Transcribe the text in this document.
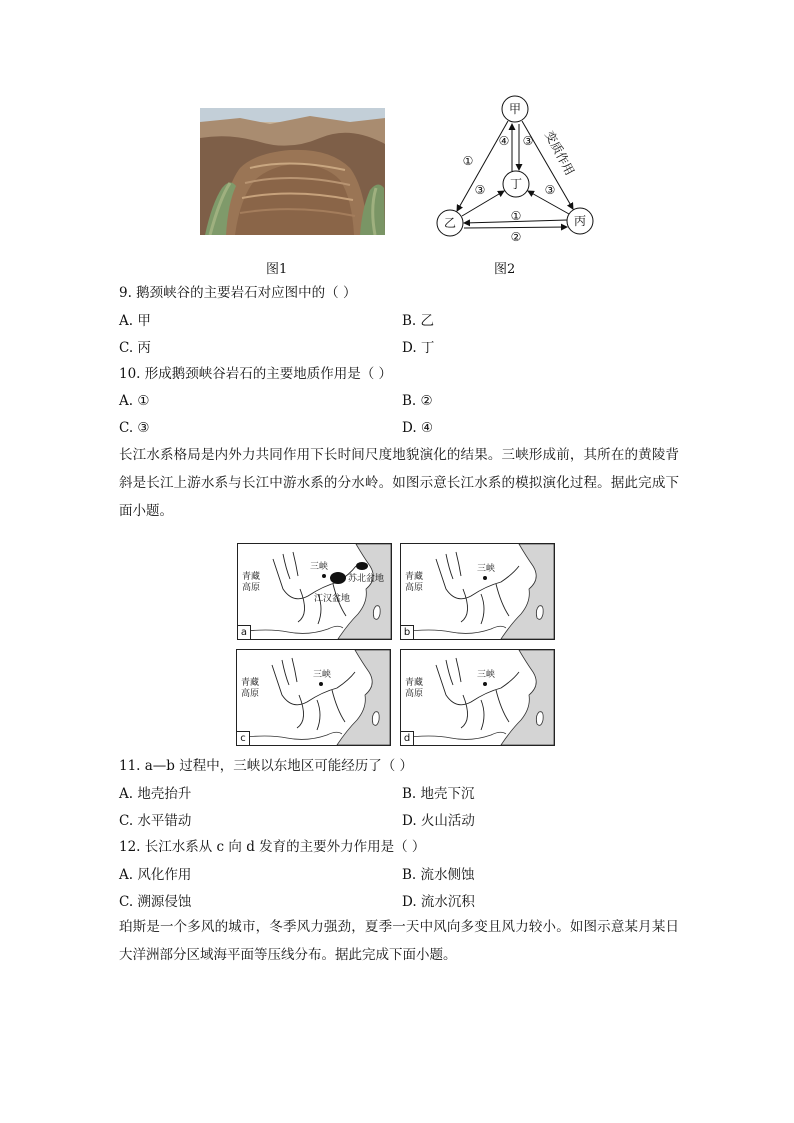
图1
甲
乙	丙
丁
①
④ ③
③	③
①
②
变质作用
图2
9. 鹅颈峡谷的主要岩石对应图中的（ ）
A. 甲	B. 乙
C. 丙	D. 丁
10. 形成鹅颈峡谷岩石的主要地质作用是（ ）
A. ①	B. ②
C. ③	D. ④
长江水系格局是内外力共同作用下长时间尺度地貌演化的结果。三峡形成前，其所在的黄陵背斜是长江上游水系与长江中游水系的分水岭。如图示意长江水系的模拟演化过程。据此完成下面小题。
青藏
高原
三峡
江汉盆地
苏北盆地
a
青藏
高原
三峡
b
青藏
高原
三峡
c
青藏
高原
三峡
d
11. a—b 过程中，三峡以东地区可能经历了（ ）
A. 地壳抬升	B. 地壳下沉
C. 水平错动	D. 火山活动
12. 长江水系从 c 向 d 发育的主要外力作用是（ ）
A. 风化作用	B. 流水侧蚀
C. 溯源侵蚀	D. 流水沉积
珀斯是一个多风的城市，冬季风力强劲，夏季一天中风向多变且风力较小。如图示意某月某日大洋洲部分区域海平面等压线分布。据此完成下面小题。
